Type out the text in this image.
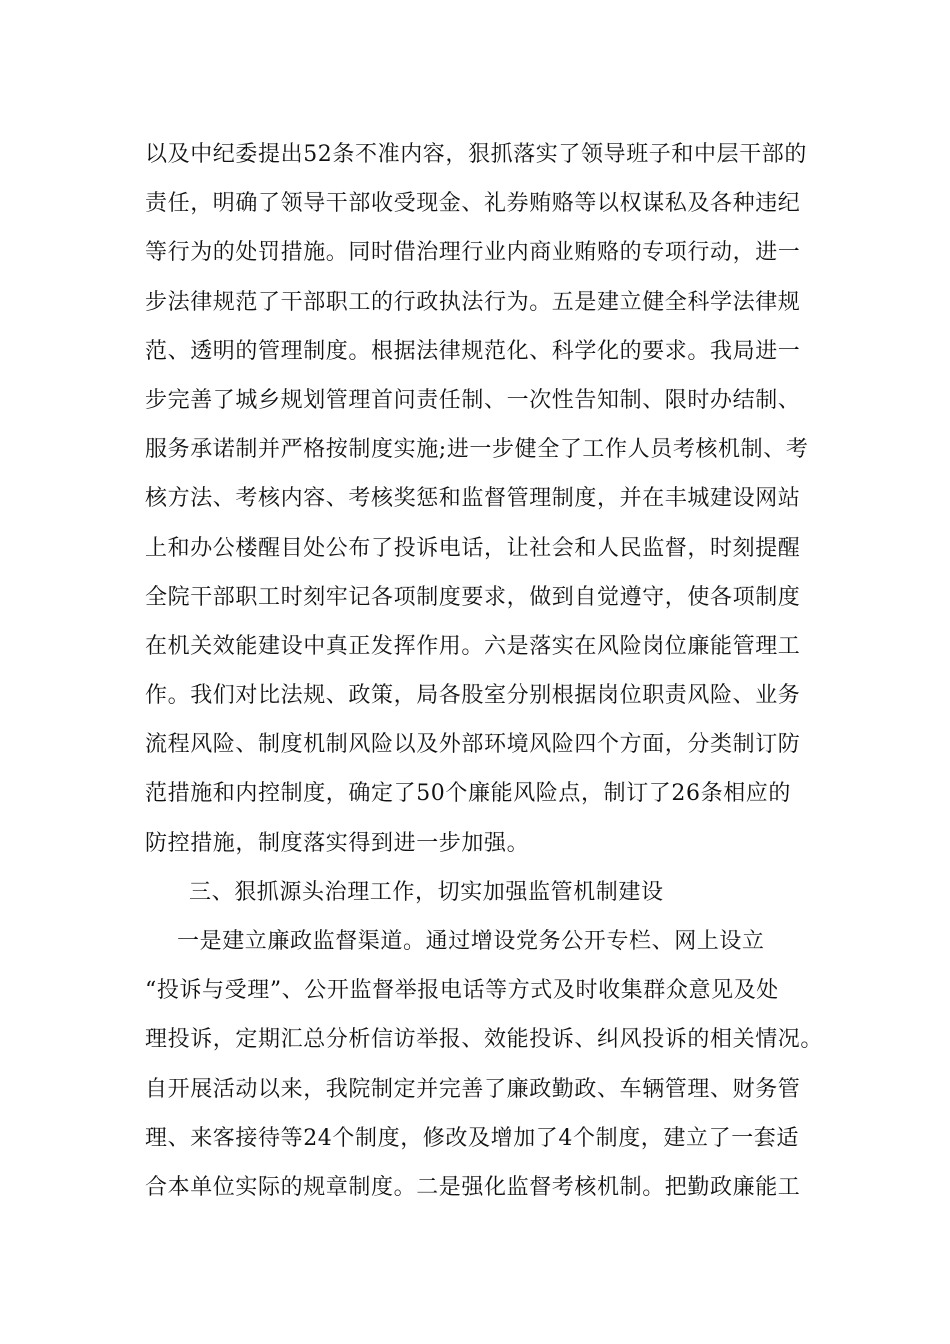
以及中纪委提出52条不准内容，狠抓落实了领导班子和中层干部的
责任，明确了领导干部收受现金、礼券贿赂等以权谋私及各种违纪
等行为的处罚措施。同时借治理行业内商业贿赂的专项行动，进一
步法律规范了干部职工的行政执法行为。五是建立健全科学法律规
范、透明的管理制度。根据法律规范化、科学化的要求。我局进一
步完善了城乡规划管理首问责任制、一次性告知制、限时办结制、
服务承诺制并严格按制度实施;进一步健全了工作人员考核机制、考
核方法、考核内容、考核奖惩和监督管理制度，并在丰城建设网站
上和办公楼醒目处公布了投诉电话，让社会和人民监督，时刻提醒
全院干部职工时刻牢记各项制度要求，做到自觉遵守，使各项制度
在机关效能建设中真正发挥作用。六是落实在风险岗位廉能管理工
作。我们对比法规、政策，局各股室分别根据岗位职责风险、业务
流程风险、制度机制风险以及外部环境风险四个方面，分类制订防
范措施和内控制度，确定了50个廉能风险点，制订了26条相应的
防控措施，制度落实得到进一步加强。
三、狠抓源头治理工作，切实加强监管机制建设
一是建立廉政监督渠道。通过增设党务公开专栏、网上设立
“投诉与受理”、公开监督举报电话等方式及时收集群众意见及处
理投诉，定期汇总分析信访举报、效能投诉、纠风投诉的相关情况。
自开展活动以来，我院制定并完善了廉政勤政、车辆管理、财务管
理、来客接待等24个制度，修改及增加了4个制度，建立了一套适
合本单位实际的规章制度。二是强化监督考核机制。把勤政廉能工
